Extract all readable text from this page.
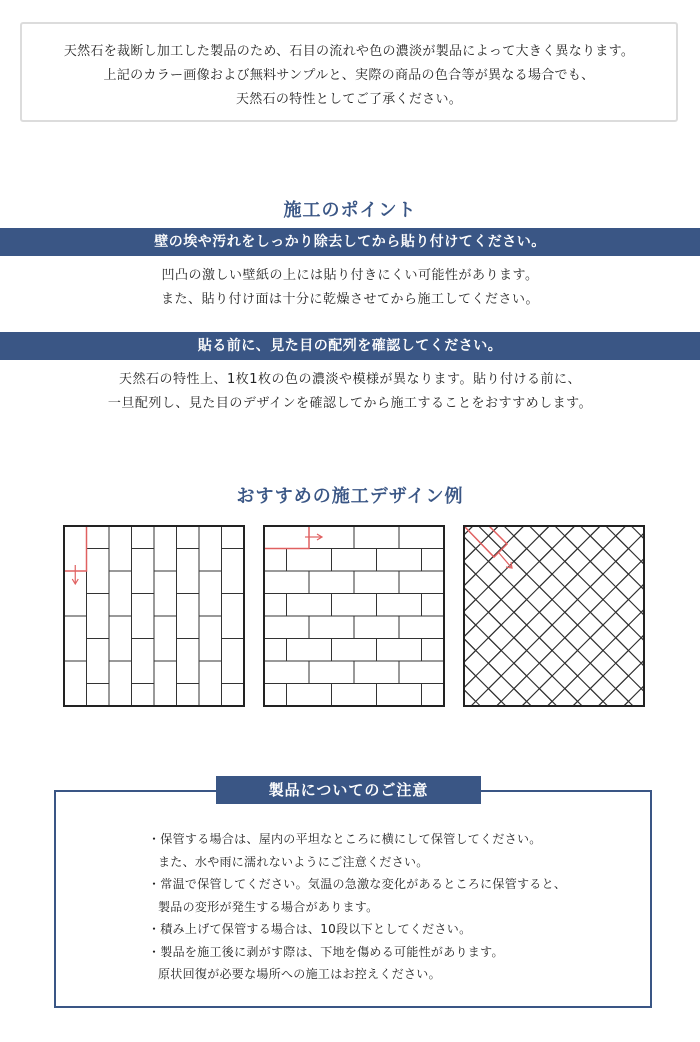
天然石を裁断し加工した製品のため、石目の流れや色の濃淡が製品によって大きく異なります。
上記のカラー画像および無料サンプルと、実際の商品の色合等が異なる場合でも、
天然石の特性としてご了承ください。
施工のポイント
壁の埃や汚れをしっかり除去してから貼り付けてください。
凹凸の激しい壁紙の上には貼り付きにくい可能性があります。
また、貼り付け面は十分に乾燥させてから施工してください。
貼る前に、見た目の配列を確認してください。
天然石の特性上、1枚1枚の色の濃淡や模様が異なります。貼り付ける前に、
一旦配列し、見た目のデザインを確認してから施工することをおすすめします。
おすすめの施工デザイン例
製品についてのご注意
・保管する場合は、屋内の平坦なところに横にして保管してください。
また、水や雨に濡れないようにご注意ください。
・常温で保管してください。気温の急激な変化があるところに保管すると、
製品の変形が発生する場合があります。
・積み上げて保管する場合は、10段以下としてください。
・製品を施工後に剥がす際は、下地を傷める可能性があります。
原状回復が必要な場所への施工はお控えください。
